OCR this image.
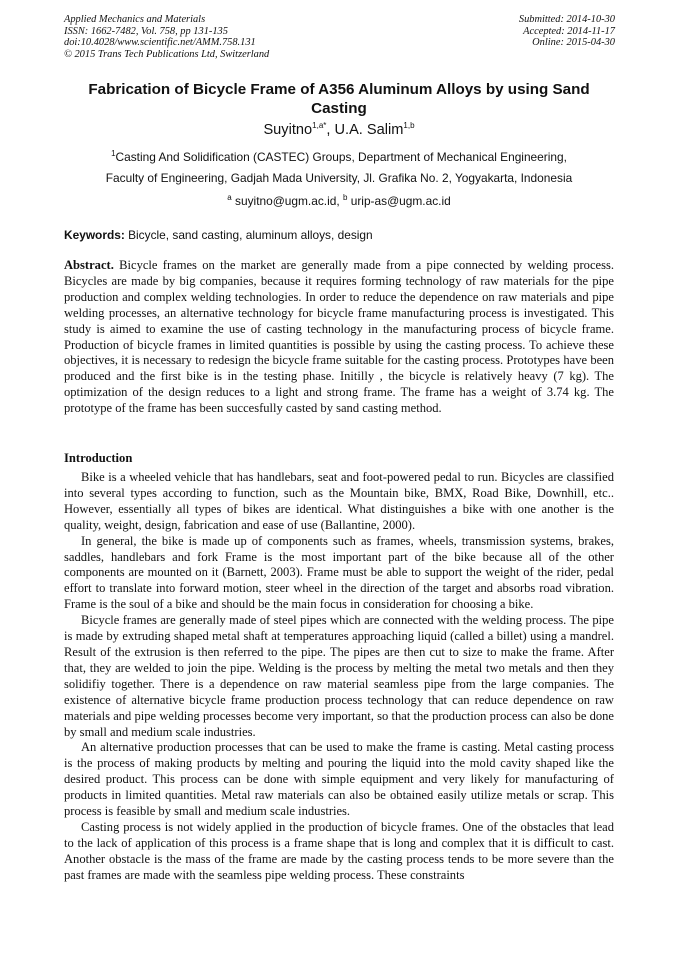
Applied Mechanics and Materials
ISSN: 1662-7482, Vol. 758, pp 131-135
doi:10.4028/www.scientific.net/AMM.758.131
© 2015 Trans Tech Publications Ltd, Switzerland
Submitted: 2014-10-30
Accepted: 2014-11-17
Online: 2015-04-30
Fabrication of Bicycle Frame of A356 Aluminum Alloys by using Sand Casting
Suyitno$^{1,a*}$, U.A. Salim$^{1,b}$
$^1$Casting And Solidification (CASTEC) Groups, Department of Mechanical Engineering,
Faculty of Engineering, Gadjah Mada University, Jl. Grafika No. 2, Yogyakarta, Indonesia
$^a$ suyitno@ugm.ac.id, $^b$ urip-as@ugm.ac.id
Keywords: Bicycle, sand casting, aluminum alloys, design

Abstract. Bicycle frames on the market are generally made from a pipe connected by welding process. Bicycles are made by big companies, because it requires forming technology of raw materials for the pipe production and complex welding technologies. In order to reduce the dependence on raw materials and pipe welding processes, an alternative technology for bicycle frame manufacturing process is investigated. This study is aimed to examine the use of casting technology in the manufacturing process of bicycle frame. Production of bicycle frames in limited quantities is possible by using the casting process. To achieve these objectives, it is necessary to redesign the bicycle frame suitable for the casting process. Prototypes have been produced and the first bike is in the testing phase. Initilly , the bicycle is relatively heavy (7 kg). The optimization of the design reduces to a light and strong frame. The frame has a weight of 3.74 kg. The prototype of the frame has been succesfully casted by sand casting method.

Introduction

Bike is a wheeled vehicle that has handlebars, seat and foot-powered pedal to run. Bicycles are classified into several types according to function, such as the Mountain bike, BMX, Road Bike, Downhill, etc.. However, essentially all types of bikes are identical. What distinguishes a bike with one another is the quality, weight, design, fabrication and ease of use (Ballantine, 2000).

In general, the bike is made up of components such as frames, wheels, transmission systems, brakes, saddles, handlebars and fork Frame is the most important part of the bike because all of the other components are mounted on it (Barnett, 2003). Frame must be able to support the weight of the rider, pedal effort to translate into forward motion, steer wheel in the direction of the target and absorbs road vibration. Frame is the soul of a bike and should be the main focus in consideration for choosing a bike.

Bicycle frames are generally made of steel pipes which are connected with the welding process. The pipe is made by extruding shaped metal shaft at temperatures approaching liquid (called a billet) using a mandrel. Result of the extrusion is then referred to the pipe. The pipes are then cut to size to make the frame. After that, they are welded to join the pipe. Welding is the process by melting the metal two metals and then they solidifiy together. There is a dependence on raw material seamless pipe from the large companies. The existence of alternative bicycle frame production process technology that can reduce dependence on raw materials and pipe welding processes become very important, so that the production process can also be done by small and medium scale industries.

An alternative production processes that can be used to make the frame is casting. Metal casting process is the process of making products by melting and pouring the liquid into the mold cavity shaped like the desired product. This process can be done with simple equipment and very likely for manufacturing of products in limited quantities. Metal raw materials can also be obtained easily utilize metals or scrap. This process is feasible by small and medium scale industries.

Casting process is not widely applied in the production of bicycle frames. One of the obstacles that lead to the lack of application of this process is a frame shape that is long and complex that it is difficult to cast. Another obstacle is the mass of the frame are made by the casting process tends to be more severe than the past frames are made with the seamless pipe welding process. These constraints
